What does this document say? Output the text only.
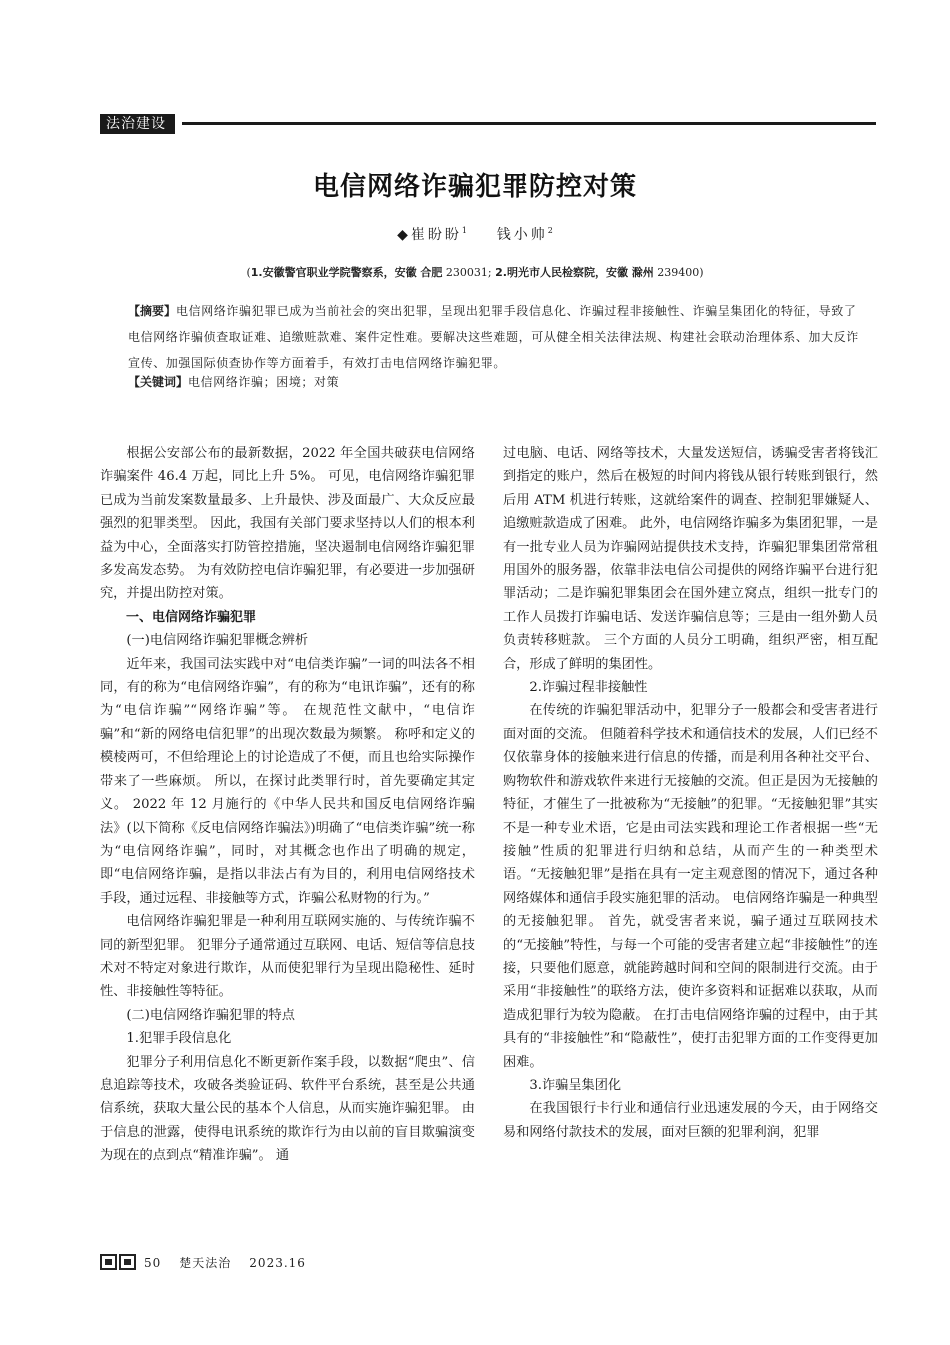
法治建设
电信网络诈骗犯罪防控对策
◆崔盼盼$^1$ 钱小帅$^2$
(1.安徽警官职业学院警察系，安徽 合肥 230031; 2.明光市人民检察院，安徽 滁州 239400)
【摘要】电信网络诈骗犯罪已成为当前社会的突出犯罪，呈现出犯罪手段信息化、诈骗过程非接触性、诈骗呈集团化的特征，导致了电信网络诈骗侦查取证难、追缴赃款难、案件定性难。要解决这些难题，可从健全相关法律法规、构建社会联动治理体系、加大反诈宣传、加强国际侦查协作等方面着手，有效打击电信网络诈骗犯罪。
【关键词】电信网络诈骗；困境；对策

根据公安部公布的最新数据，2022 年全国共破获电信网络诈骗案件 46.4 万起，同比上升 5%。 可见，电信网络诈骗犯罪已成为当前发案数量最多、上升最快、涉及面最广、大众反应最强烈的犯罪类型。 因此，我国有关部门要求坚持以人们的根本利益为中心，全面落实打防管控措施，坚决遏制电信网络诈骗犯罪多发高发态势。 为有效防控电信诈骗犯罪，有必要进一步加强研究，并提出防控对策。

一、电信网络诈骗犯罪

(一)电信网络诈骗犯罪概念辨析

近年来，我国司法实践中对“电信类诈骗”一词的叫法各不相同，有的称为“电信网络诈骗”，有的称为“电讯诈骗”，还有的称为“电信诈骗”“网络诈骗”等。 在规范性文献中，“电信诈骗”和“新的网络电信犯罪”的出现次数最为频繁。 称呼和定义的模棱两可，不但给理论上的讨论造成了不便，而且也给实际操作带来了一些麻烦。 所以，在探讨此类罪行时，首先要确定其定义。 2022 年 12 月施行的《中华人民共和国反电信网络诈骗法》(以下简称《反电信网络诈骗法》)明确了“电信类诈骗”统一称为“电信网络诈骗”，同时，对其概念也作出了明确的规定，即“电信网络诈骗，是指以非法占有为目的，利用电信网络技术手段，通过远程、非接触等方式，诈骗公私财物的行为。”

电信网络诈骗犯罪是一种利用互联网实施的、与传统诈骗不同的新型犯罪。 犯罪分子通常通过互联网、电话、短信等信息技术对不特定对象进行欺诈，从而使犯罪行为呈现出隐秘性、延时性、非接触性等特征。

(二)电信网络诈骗犯罪的特点

1.犯罪手段信息化

犯罪分子利用信息化不断更新作案手段，以数据“爬虫”、信息追踪等技术，攻破各类验证码、软件平台系统，甚至是公共通信系统，获取大量公民的基本个人信息，从而实施诈骗犯罪。 由于信息的泄露，使得电讯系统的欺诈行为由以前的盲目欺骗演变为现在的点到点“精准诈骗”。 通

过电脑、电话、网络等技术，大量发送短信，诱骗受害者将钱汇到指定的账户，然后在极短的时间内将钱从银行转账到银行，然后用 ATM 机进行转账，这就给案件的调查、控制犯罪嫌疑人、追缴赃款造成了困难。 此外，电信网络诈骗多为集团犯罪，一是有一批专业人员为诈骗网站提供技术支持，诈骗犯罪集团常常租用国外的服务器，依靠非法电信公司提供的网络诈骗平台进行犯罪活动；二是诈骗犯罪集团会在国外建立窝点，组织一批专门的工作人员拨打诈骗电话、发送诈骗信息等；三是由一组外勤人员负责转移赃款。 三个方面的人员分工明确，组织严密，相互配合，形成了鲜明的集团性。

2.诈骗过程非接触性

在传统的诈骗犯罪活动中，犯罪分子一般都会和受害者进行面对面的交流。 但随着科学技术和通信技术的发展，人们已经不仅依靠身体的接触来进行信息的传播，而是利用各种社交平台、购物软件和游戏软件来进行无接触的交流。但正是因为无接触的特征，才催生了一批被称为“无接触”的犯罪。“无接触犯罪”其实不是一种专业术语，它是由司法实践和理论工作者根据一些“无接触”性质的犯罪进行归纳和总结，从而产生的一种类型术语。“无接触犯罪”是指在具有一定主观意图的情况下，通过各种网络媒体和通信手段实施犯罪的活动。 电信网络诈骗是一种典型的无接触犯罪。 首先，就受害者来说，骗子通过互联网技术的“无接触”特性，与每一个可能的受害者建立起“非接触性”的连接，只要他们愿意，就能跨越时间和空间的限制进行交流。由于采用“非接触性”的联络方法，使许多资料和证据难以获取，从而造成犯罪行为较为隐蔽。 在打击电信网络诈骗的过程中，由于其具有的“非接触性”和“隐蔽性”，使打击犯罪方面的工作变得更加困难。

3.诈骗呈集团化

在我国银行卡行业和通信行业迅速发展的今天，由于网络交易和网络付款技术的发展，面对巨额的犯罪利润，犯罪

50 楚天法治 2023.16
